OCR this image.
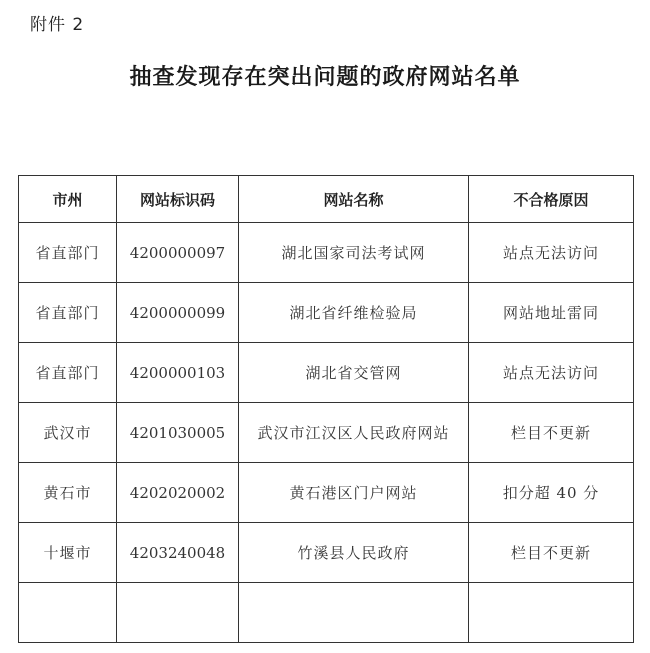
附件 2
抽查发现存在突出问题的政府网站名单
市州	网站标识码	网站名称	不合格原因
省直部门	4200000097	湖北国家司法考试网	站点无法访问
省直部门	4200000099	湖北省纤维检验局	网站地址雷同
省直部门	4200000103	湖北省交管网	站点无法访问
武汉市	4201030005	武汉市江汉区人民政府网站	栏目不更新
黄石市	4202020002	黄石港区门户网站	扣分超 40 分
十堰市	4203240048	竹溪县人民政府	栏目不更新
